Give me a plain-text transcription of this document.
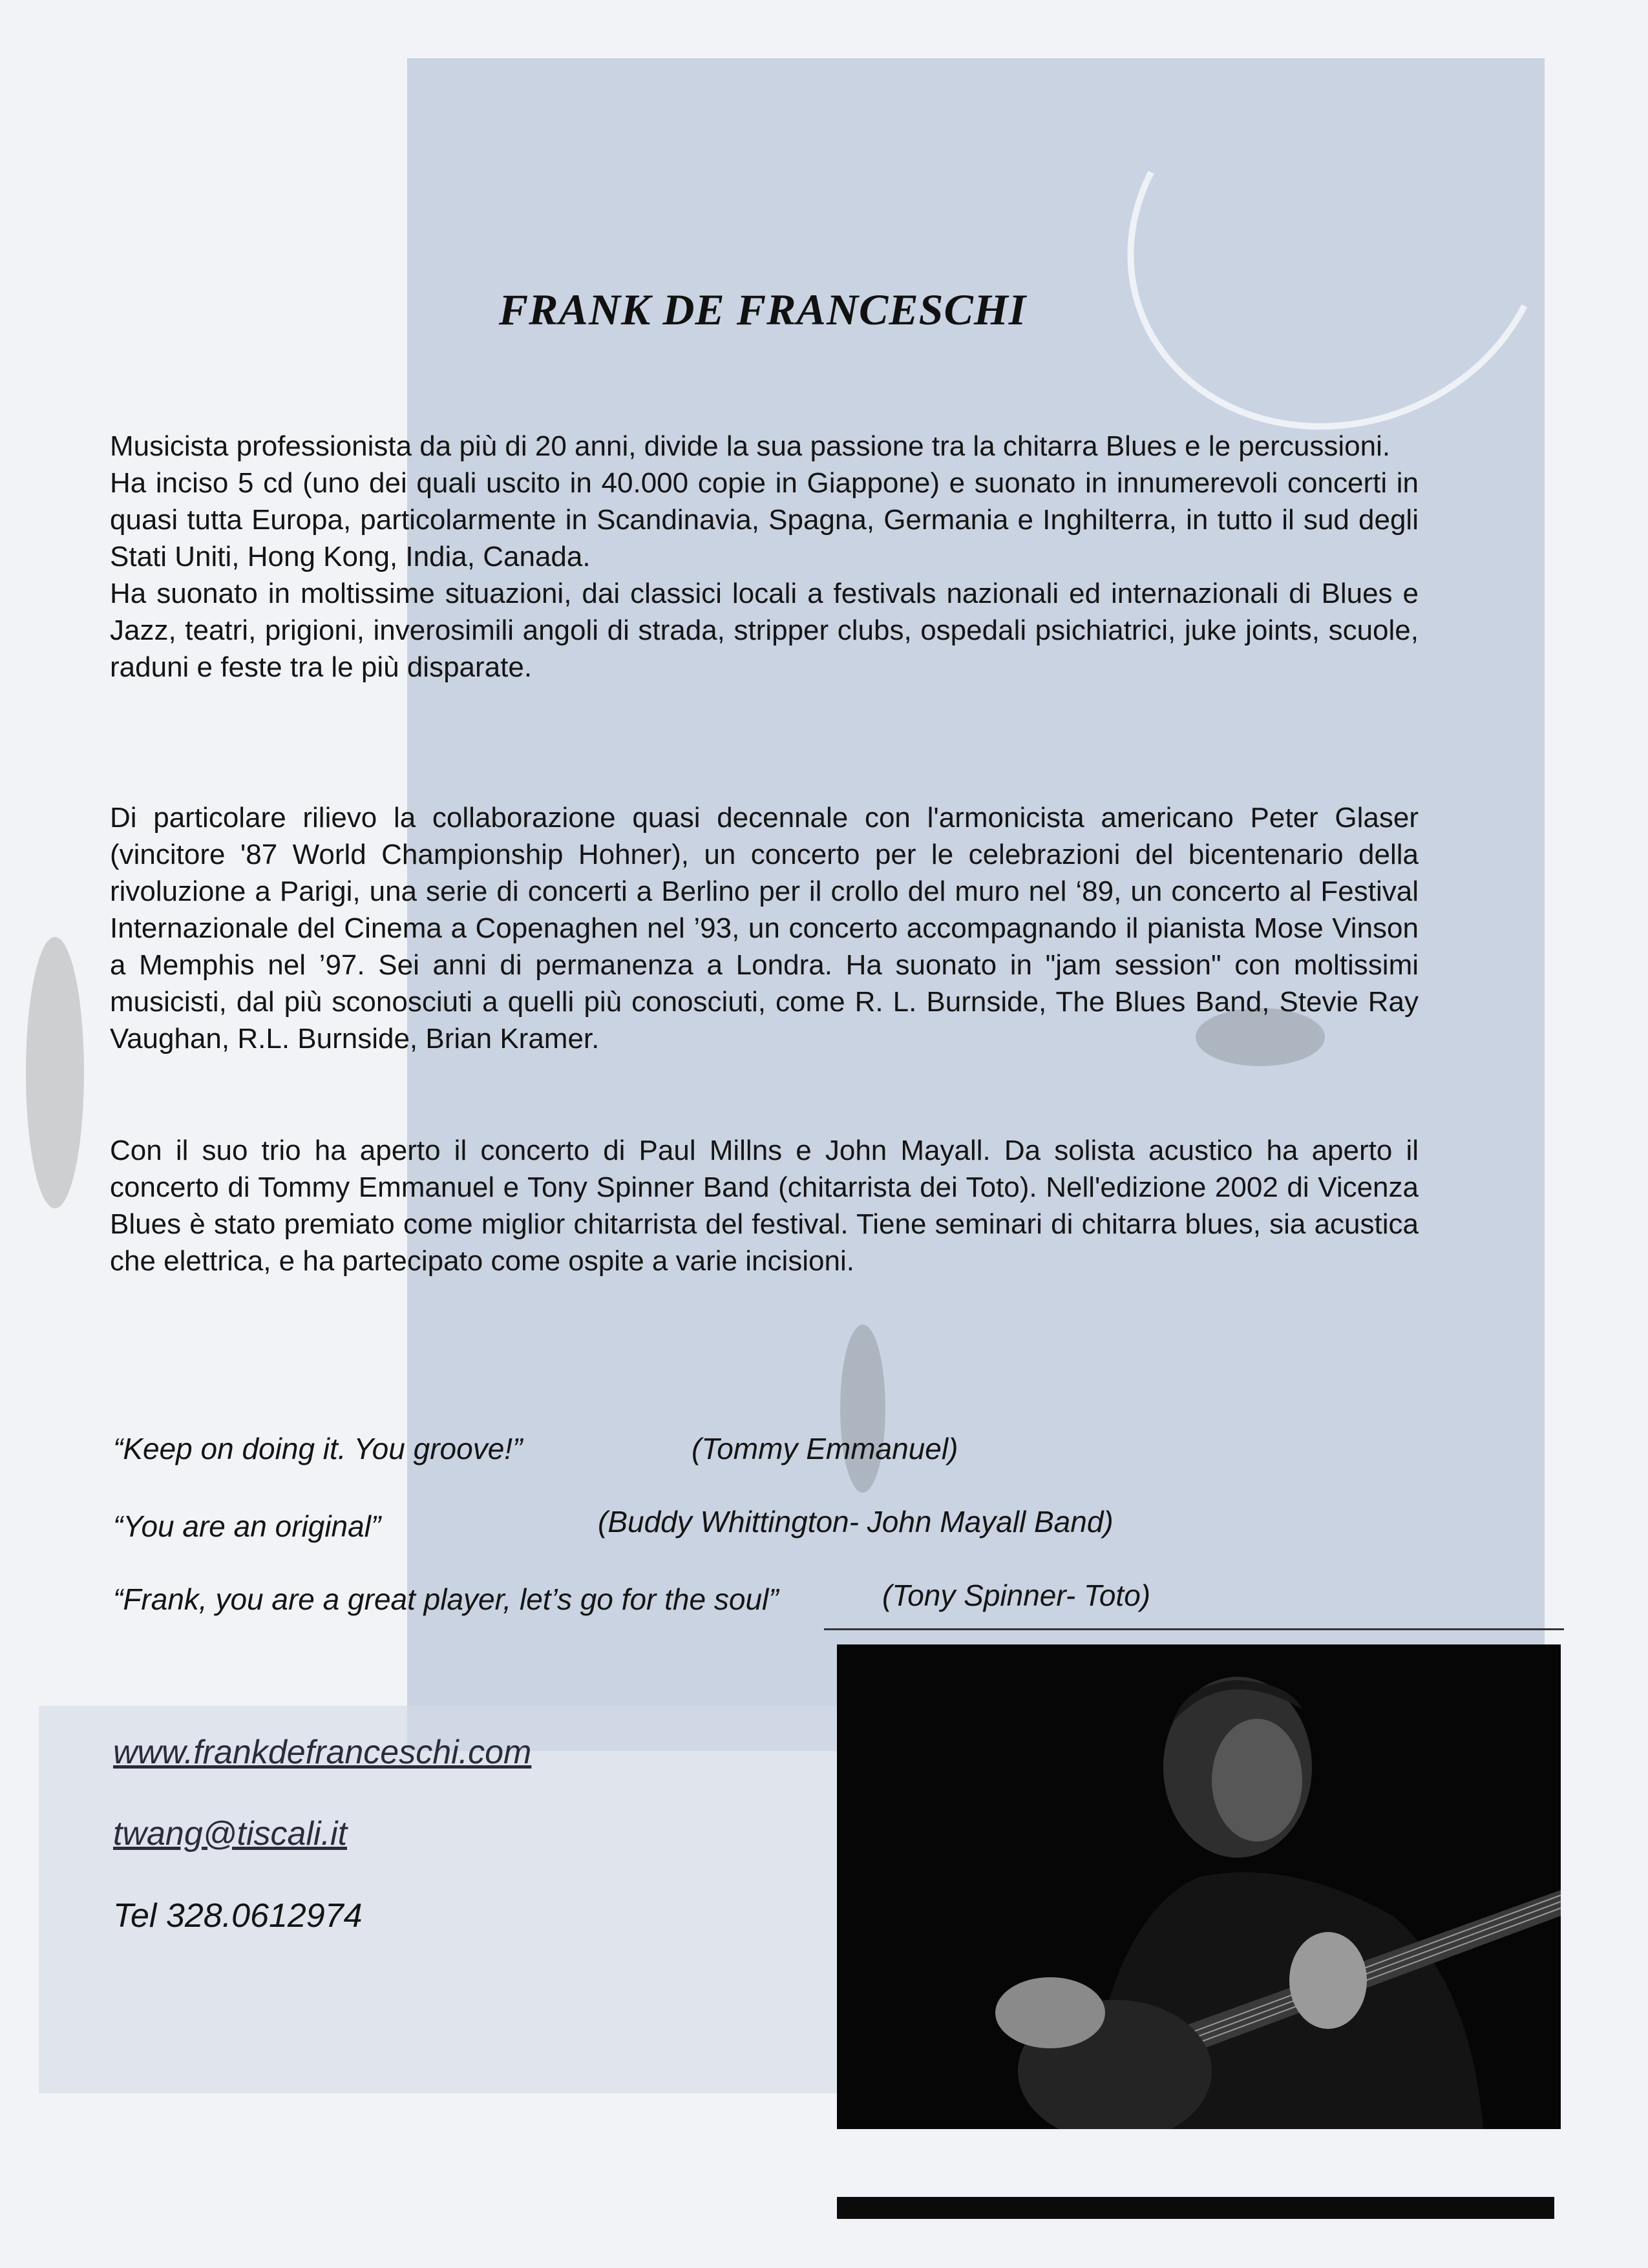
FRANK DE FRANCESCHI

Musicista professionista da più di 20 anni, divide la sua passione tra la chitarra Blues e le percussioni.
Ha inciso 5 cd (uno dei quali uscito in 40.000 copie in Giappone) e suonato in innumerevoli concerti in quasi tutta Europa, particolarmente in Scandinavia, Spagna, Germania e Inghilterra, in tutto il sud degli Stati Uniti, Hong Kong, India, Canada.
Ha suonato in moltissime situazioni, dai classici locali a festivals nazionali ed internazionali di Blues e Jazz, teatri, prigioni, inverosimili angoli di strada, stripper clubs, ospedali psichiatrici, juke joints, scuole, raduni e feste tra le più disparate.

Di particolare rilievo la collaborazione quasi decennale con l'armonicista americano Peter Glaser (vincitore '87 World Championship Hohner), un concerto per le celebrazioni del bicentenario della rivoluzione a Parigi, una serie di concerti a Berlino per il crollo del muro nel ‘89, un concerto al Festival Internazionale del Cinema a Copenaghen nel ’93, un concerto accompagnando il pianista Mose Vinson a Memphis nel ’97. Sei anni di permanenza a Londra. Ha suonato in "jam session" con moltissimi musicisti, dal più sconosciuti a quelli più conosciuti, come R. L. Burnside, The Blues Band, Stevie Ray Vaughan, R.L. Burnside, Brian Kramer.

Con il suo trio ha aperto il concerto di Paul Millns e John Mayall. Da solista acustico ha aperto il concerto di Tommy Emmanuel e Tony Spinner Band (chitarrista dei Toto). Nell'edizione 2002 di Vicenza Blues è stato premiato come miglior chitarrista del festival. Tiene seminari di chitarra blues, sia acustica che elettrica, e ha partecipato come ospite a varie incisioni.

“Keep on doing it. You groove!”	(Tommy Emmanuel)

“You are an original”	(Buddy Whittington- John Mayall Band)

“Frank, you are a great player, let’s go for the soul”	(Tony Spinner- Toto)

www.frankdefranceschi.com
twang@tiscali.it
Tel 328.0612974
